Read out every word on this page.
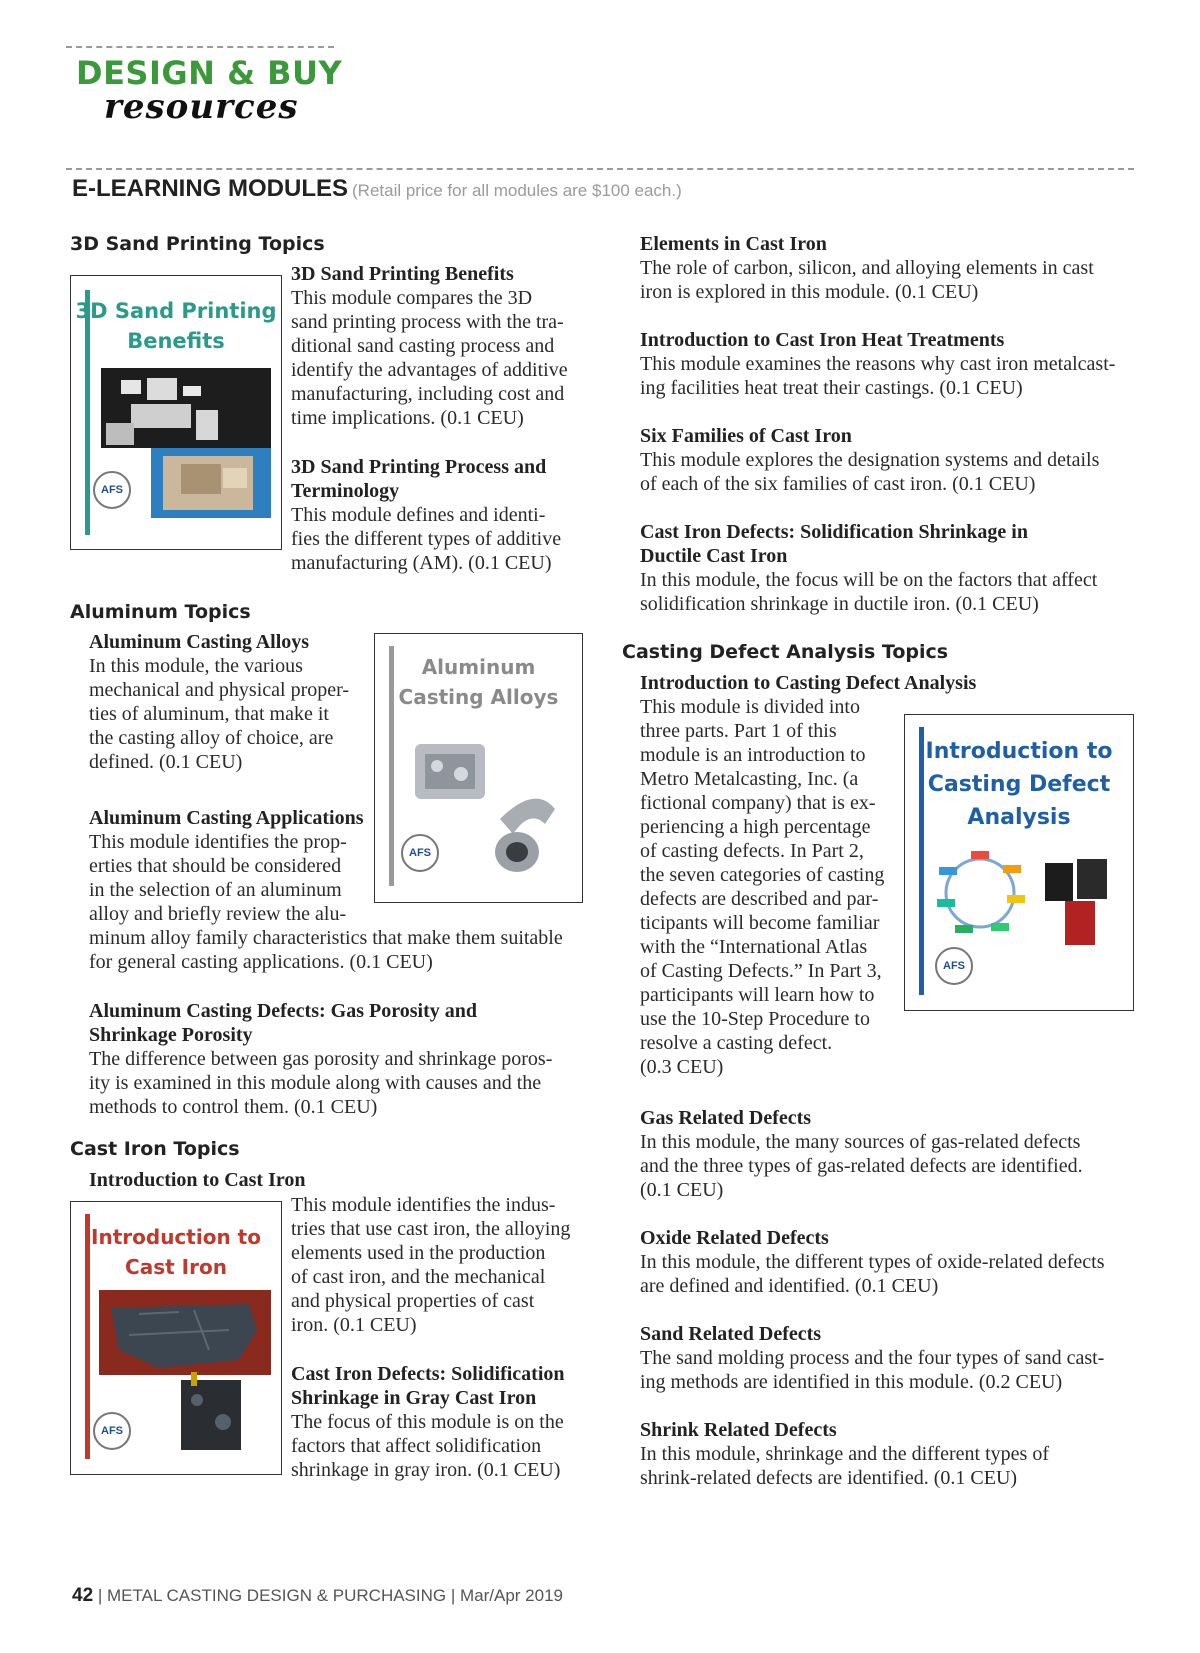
DESIGN & BUY
resources
E-LEARNING MODULES (Retail price for all modules are $100 each.)
3D Sand Printing Topics
3D Sand Printing
Benefits
AFS
3D Sand Printing Benefits
This module compares the 3D
sand printing process with the tra-
ditional sand casting process and
identify the advantages of additive
manufacturing, including cost and
time implications. (0.1 CEU)
3D Sand Printing Process and
Terminology
This module defines and identi-
fies the different types of additive
manufacturing (AM). (0.1 CEU)
Aluminum Topics
Aluminum Casting Alloys
In this module, the various
mechanical and physical proper-
ties of aluminum, that make it
the casting alloy of choice, are
defined. (0.1 CEU)
Aluminum
Casting Alloys
AFS
Aluminum Casting Applications
This module identifies the prop-
erties that should be considered
in the selection of an aluminum
alloy and briefly review the alu-
minum alloy family characteristics that make them suitable
for general casting applications. (0.1 CEU)
Aluminum Casting Defects: Gas Porosity and
Shrinkage Porosity
The difference between gas porosity and shrinkage poros-
ity is examined in this module along with causes and the
methods to control them. (0.1 CEU)
Cast Iron Topics
Introduction to Cast Iron
Introduction to
Cast Iron
AFS
This module identifies the indus-
tries that use cast iron, the alloying
elements used in the production
of cast iron, and the mechanical
and physical properties of cast
iron. (0.1 CEU)
Cast Iron Defects: Solidification
Shrinkage in Gray Cast Iron
The focus of this module is on the
factors that affect solidification
shrinkage in gray iron. (0.1 CEU)
Elements in Cast Iron
The role of carbon, silicon, and alloying elements in cast
iron is explored in this module. (0.1 CEU)
Introduction to Cast Iron Heat Treatments
This module examines the reasons why cast iron metalcast-
ing facilities heat treat their castings. (0.1 CEU)
Six Families of Cast Iron
This module explores the designation systems and details
of each of the six families of cast iron. (0.1 CEU)
Cast Iron Defects: Solidification Shrinkage in
Ductile Cast Iron
In this module, the focus will be on the factors that affect
solidification shrinkage in ductile iron. (0.1 CEU)
Casting Defect Analysis Topics
Introduction to Casting Defect Analysis
This module is divided into
three parts. Part 1 of this
module is an introduction to
Metro Metalcasting, Inc. (a
fictional company) that is ex-
periencing a high percentage
of casting defects. In Part 2,
the seven categories of casting
defects are described and par-
ticipants will become familiar
with the “International Atlas
of Casting Defects.” In Part 3,
participants will learn how to
use the 10-Step Procedure to
resolve a casting defect.
(0.3 CEU)
Introduction to
Casting Defect
Analysis
AFS
Gas Related Defects
In this module, the many sources of gas-related defects
and the three types of gas-related defects are identified.
(0.1 CEU)
Oxide Related Defects
In this module, the different types of oxide-related defects
are defined and identified. (0.1 CEU)
Sand Related Defects
The sand molding process and the four types of sand cast-
ing methods are identified in this module. (0.2 CEU)
Shrink Related Defects
In this module, shrinkage and the different types of
shrink-related defects are identified. (0.1 CEU)
42 | METAL CASTING DESIGN & PURCHASING | Mar/Apr 2019
